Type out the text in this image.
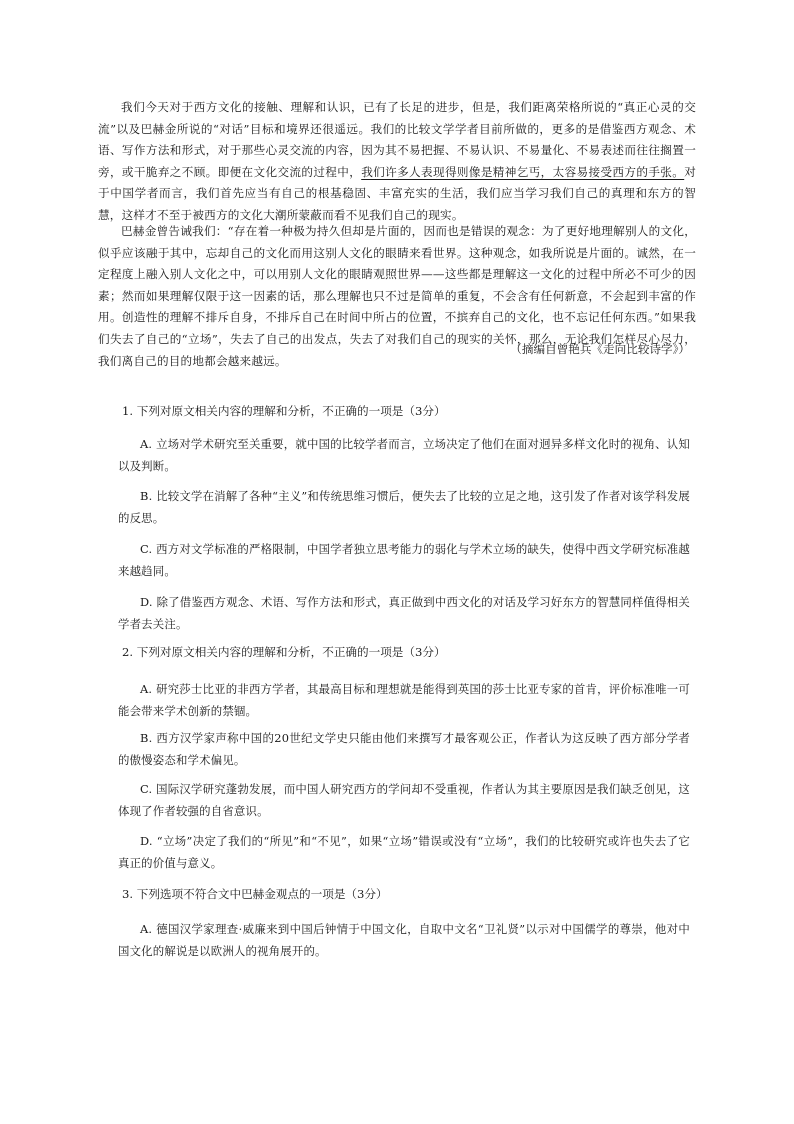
我们今天对于西方文化的接触、理解和认识，已有了长足的进步，但是，我们距离荣格所说的“真正心灵的交流”以及巴赫金所说的“对话”目标和境界还很遥远。我们的比较文学学者目前所做的，更多的是借鉴西方观念、术语、写作方法和形式，对于那些心灵交流的内容，因为其不易把握、不易认识、不易量化、不易表述而往往搁置一旁，或干脆弃之不顾。即便在文化交流的过程中，我们许多人表现得则像是精神乞丐，太容易接受西方的手张。对于中国学者而言，我们首先应当有自己的根基稳固、丰富充实的生活，我们应当学习我们自己的真理和东方的智慧，这样才不至于被西方的文化大潮所蒙蔽而看不见我们自己的现实。

巴赫金曾告诫我们：“存在着一种极为持久但却是片面的，因而也是错误的观念：为了更好地理解别人的文化，似乎应该融于其中，忘却自己的文化而用这别人文化的眼睛来看世界。这种观念，如我所说是片面的。诚然，在一定程度上融入别人文化之中，可以用别人文化的眼睛观照世界——这些都是理解这一文化的过程中所必不可少的因素；然而如果理解仅限于这一因素的话，那么理解也只不过是简单的重复，不会含有任何新意，不会起到丰富的作用。创造性的理解不排斥自身，不排斥自己在时间中所占的位置，不摈弃自己的文化，也不忘记任何东西。”如果我们失去了自己的“立场”，失去了自己的出发点，失去了对我们自己的现实的关怀，那么，无论我们怎样尽心尽力，我们离自己的目的地都会越来越远。

（摘编自曾艳兵《走向比较诗学》）

1. 下列对原文相关内容的理解和分析，不正确的一项是（3分）

A. 立场对学术研究至关重要，就中国的比较学者而言，立场决定了他们在面对迥异多样文化时的视角、认知以及判断。

B. 比较文学在消解了各种“主义”和传统思维习惯后，便失去了比较的立足之地，这引发了作者对该学科发展的反思。

C. 西方对文学标准的严格限制，中国学者独立思考能力的弱化与学术立场的缺失，使得中西文学研究标准越来越趋同。

D. 除了借鉴西方观念、术语、写作方法和形式，真正做到中西文化的对话及学习好东方的智慧同样值得相关学者去关注。

2. 下列对原文相关内容的理解和分析，不正确的一项是（3分）

A. 研究莎士比亚的非西方学者，其最高目标和理想就是能得到英国的莎士比亚专家的首肯，评价标准唯一可能会带来学术创新的禁锢。

B. 西方汉学家声称中国的20世纪文学史只能由他们来撰写才最客观公正，作者认为这反映了西方部分学者的傲慢姿态和学术偏见。

C. 国际汉学研究蓬勃发展，而中国人研究西方的学问却不受重视，作者认为其主要原因是我们缺乏创见，这体现了作者较强的自省意识。

D. “立场”决定了我们的“所见”和“不见”，如果“立场”错误或没有“立场”，我们的比较研究或许也失去了它真正的价值与意义。

3. 下列选项不符合文中巴赫金观点的一项是（3分）

A. 德国汉学家理查·威廉来到中国后钟情于中国文化，自取中文名“卫礼贤”以示对中国儒学的尊崇，他对中国文化的解说是以欧洲人的视角展开的。
